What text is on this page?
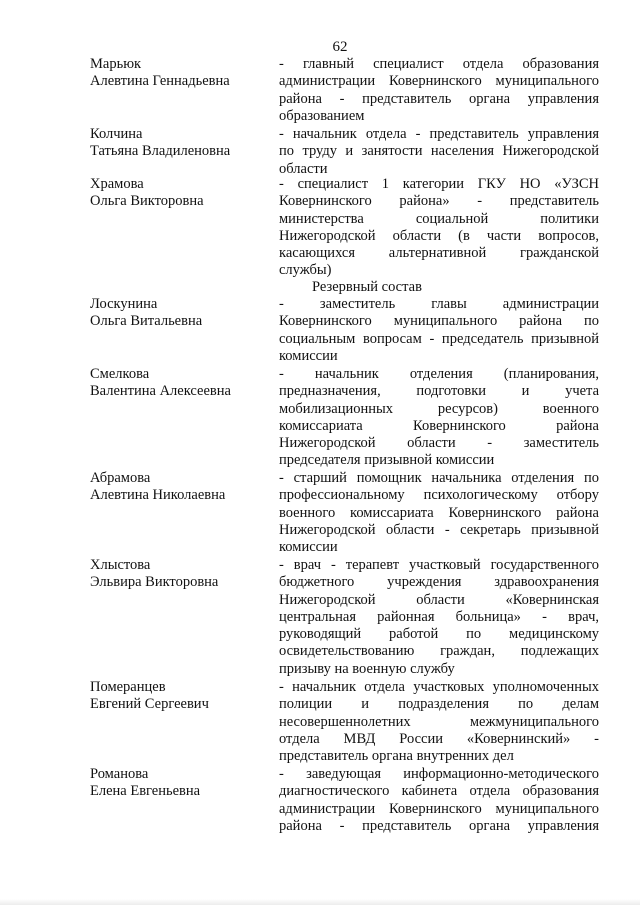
62
Марьюк
Алевтина Геннадьевна
- главный специалист отдела образования
администрации Ковернинского муниципального
района - представитель органа управления
образованием
Колчина
Татьяна Владиленовна
- начальник отдела - представитель управления
по труду и занятости населения Нижегородской
области
Храмова
Ольга Викторовна
- специалист 1 категории ГКУ НО «УЗСН
Ковернинского района» - представитель
министерства социальной политики
Нижегородской области (в части вопросов,
касающихся альтернативной гражданской
службы)
Резервный состав
Лоскунина
Ольга Витальевна
- заместитель главы администрации
Ковернинского муниципального района по
социальным вопросам - председатель призывной
комиссии
Смелкова
Валентина Алексеевна
- начальник отделения (планирования,
предназначения, подготовки и учета
мобилизационных ресурсов) военного
комиссариата Ковернинского района
Нижегородской области - заместитель
председателя призывной комиссии
Абрамова
Алевтина Николаевна
- старший помощник начальника отделения по
профессиональному психологическому отбору
военного комиссариата Ковернинского района
Нижегородской области - секретарь призывной
комиссии
Хлыстова
Эльвира Викторовна
- врач - терапевт участковый государственного
бюджетного учреждения здравоохранения
Нижегородской области «Ковернинская
центральная районная больница» - врач,
руководящий работой по медицинскому
освидетельствованию граждан, подлежащих
призыву на военную службу
Померанцев
Евгений Сергеевич
- начальник отдела участковых уполномоченных
полиции и подразделения по делам
несовершеннолетних межмуниципального
отдела МВД России «Ковернинский» -
представитель органа внутренних дел
Романова
Елена Евгеньевна
- заведующая информационно-методического
диагностического кабинета отдела образования
администрации Ковернинского муниципального
района - представитель органа управления
